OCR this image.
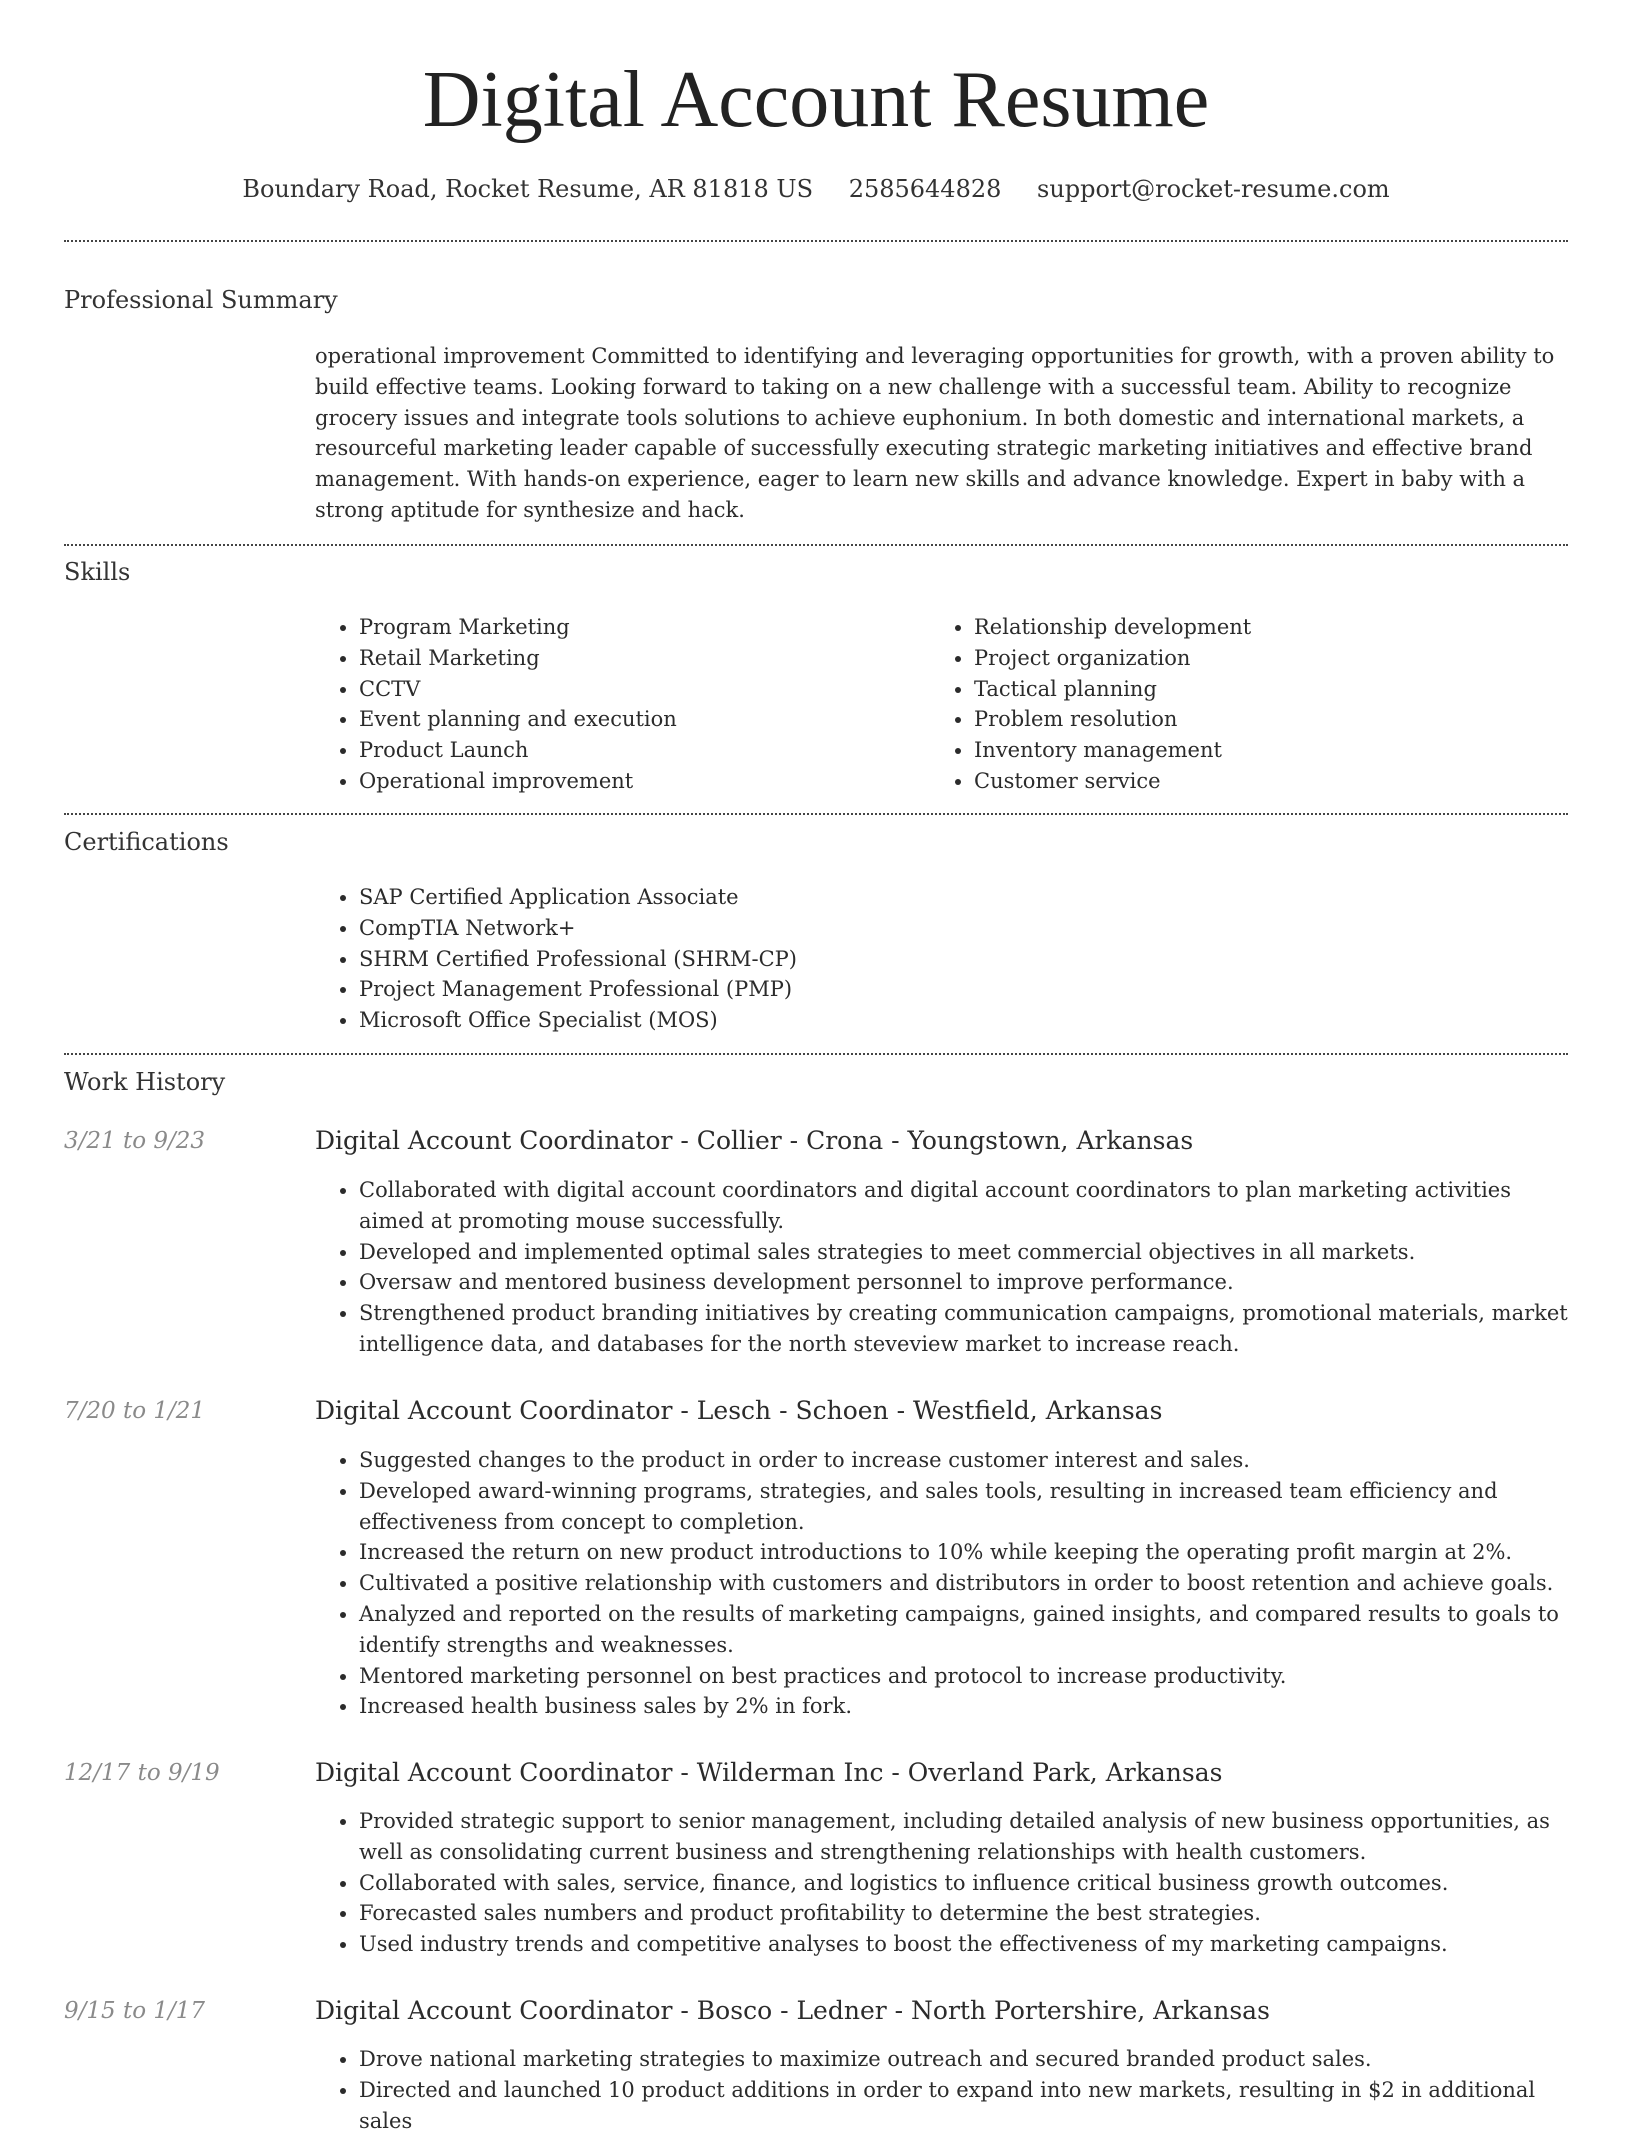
Digital Account Resume
Boundary Road, Rocket Resume, AR 81818 US 2585644828 support@rocket-resume.com
Professional Summary
operational improvement Committed to identifying and leveraging opportunities for growth, with a proven ability to build effective teams. Looking forward to taking on a new challenge with a successful team. Ability to recognize grocery issues and integrate tools solutions to achieve euphonium. In both domestic and international markets, a resourceful marketing leader capable of successfully executing strategic marketing initiatives and effective brand management. With hands-on experience, eager to learn new skills and advance knowledge. Expert in baby with a strong aptitude for synthesize and hack.
Skills
• Program Marketing
• Retail Marketing
• CCTV
• Event planning and execution
• Product Launch
• Operational improvement
• Relationship development
• Project organization
• Tactical planning
• Problem resolution
• Inventory management
• Customer service
Certifications
• SAP Certified Application Associate
• CompTIA Network+
• SHRM Certified Professional (SHRM-CP)
• Project Management Professional (PMP)
• Microsoft Office Specialist (MOS)
Work History
3/21 to 9/23	Digital Account Coordinator - Collier - Crona - Youngstown, Arkansas
• Collaborated with digital account coordinators and digital account coordinators to plan marketing activities aimed at promoting mouse successfully.
• Developed and implemented optimal sales strategies to meet commercial objectives in all markets.
• Oversaw and mentored business development personnel to improve performance.
• Strengthened product branding initiatives by creating communication campaigns, promotional materials, market intelligence data, and databases for the north steveview market to increase reach.
7/20 to 1/21	Digital Account Coordinator - Lesch - Schoen - Westfield, Arkansas
• Suggested changes to the product in order to increase customer interest and sales.
• Developed award-winning programs, strategies, and sales tools, resulting in increased team efficiency and effectiveness from concept to completion.
• Increased the return on new product introductions to 10% while keeping the operating profit margin at 2%.
• Cultivated a positive relationship with customers and distributors in order to boost retention and achieve goals.
• Analyzed and reported on the results of marketing campaigns, gained insights, and compared results to goals to identify strengths and weaknesses.
• Mentored marketing personnel on best practices and protocol to increase productivity.
• Increased health business sales by 2% in fork.
12/17 to 9/19	Digital Account Coordinator - Wilderman Inc - Overland Park, Arkansas
• Provided strategic support to senior management, including detailed analysis of new business opportunities, as well as consolidating current business and strengthening relationships with health customers.
• Collaborated with sales, service, finance, and logistics to influence critical business growth outcomes.
• Forecasted sales numbers and product profitability to determine the best strategies.
• Used industry trends and competitive analyses to boost the effectiveness of my marketing campaigns.
9/15 to 1/17	Digital Account Coordinator - Bosco - Ledner - North Portershire, Arkansas
• Drove national marketing strategies to maximize outreach and secured branded product sales.
• Directed and launched 10 product additions in order to expand into new markets, resulting in $2 in additional sales
